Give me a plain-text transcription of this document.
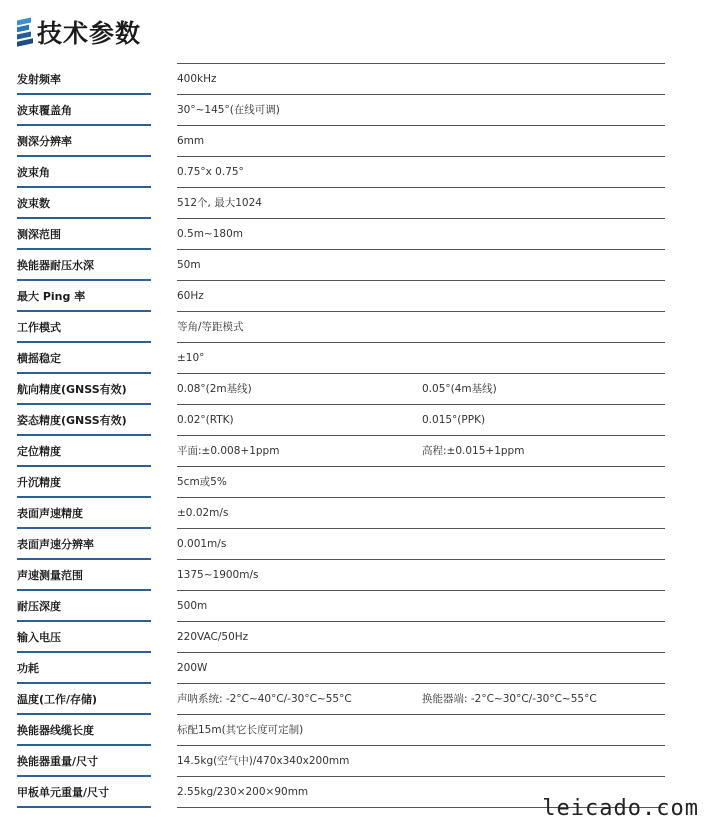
技术参数
发射频率	400kHz
波束覆盖角	30°~145°(在线可调)
测深分辨率	6mm
波束角	0.75°x 0.75°
波束数	512个, 最大1024
测深范围	0.5m~180m
换能器耐压水深	50m
最大 Ping 率	60Hz
工作模式	等角/等距模式
横摇稳定	±10°
航向精度(GNSS有效)	0.08°(2m基线)	0.05°(4m基线)
姿态精度(GNSS有效)	0.02°(RTK)	0.015°(PPK)
定位精度	平面:±0.008+1ppm	高程:±0.015+1ppm
升沉精度	5cm或5%
表面声速精度	±0.02m/s
表面声速分辨率	0.001m/s
声速测量范围	1375~1900m/s
耐压深度	500m
输入电压	220VAC/50Hz
功耗	200W
温度(工作/存储)	声呐系统: -2°C~40°C/-30°C~55°C	换能器端: -2°C~30°C/-30°C~55°C
换能器线缆长度	标配15m(其它长度可定制)
换能器重量/尺寸	14.5kg(空气中)/470x340x200mm
甲板单元重量/尺寸	2.55kg/230×200×90mm
leicado.com
